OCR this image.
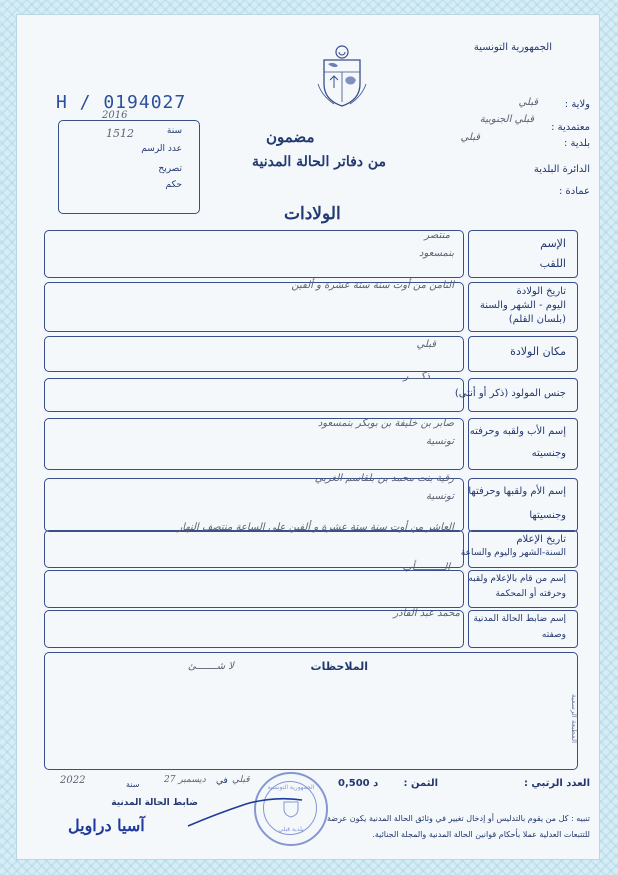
الجمهورية التونسية
H / 0194027	ولاية :
قبلي
قبلي الجنوبية
معتمدية :
قبلي
بلدية :
الدائرة البلدية
عمادة :
2016
سنة
1512
عدد الرسم
تصريح
حكم
مضمون
من دفاتر الحالة المدنية
الولادات
الإسم
اللقب
منتصر
بنمسعود
تاريخ الولادة
اليوم - الشهر والسنة
(بلسان القلم)
الثامن من أوت سنة ستة عشرة و ألفين
مكان الولادة
قبلي
جنس المولود (ذكر أو أنثى)
ذكــــر
إسم الأب ولقبه وحرفته
وجنسيته
صابر بن خليفة بن بوبكر بنمسعود
تونسية
إسم الأم ولقبها وحرفتها
وجنسيتها
رقية بنت محمد بن بلقاسم الغربي
تونسية
تاريخ الإعلام
السنة-الشهر واليوم والساعة
العاشر من أوت سنة ستة عشرة و ألفين على الساعة منتصف النهار
إسم من قام بالإعلام ولقبه
وحرفته أو المحكمة
الــــــــــأب
إسم ضابط الحالة المدنية
وصفته
محمد عبد القادر
الملاحظات
لا شـــــــئ
المطبعة الرسمية
العدد الرتبي :
الثمن :
0,500 د
قبلي
في
27 ديسمبر
سنة
2022
ضابط الحالة المدنية
الجمهورية التونسية
بلدية قبلي
آسيا دراويل	تنبيه : كل من يقوم بالتدليس أو إدخال تغيير في وثائق الحالة المدنية يكون عرضة
للتتبعات العدلية عملا بأحكام قوانين الحالة المدنية والمجلة الجنائية.
